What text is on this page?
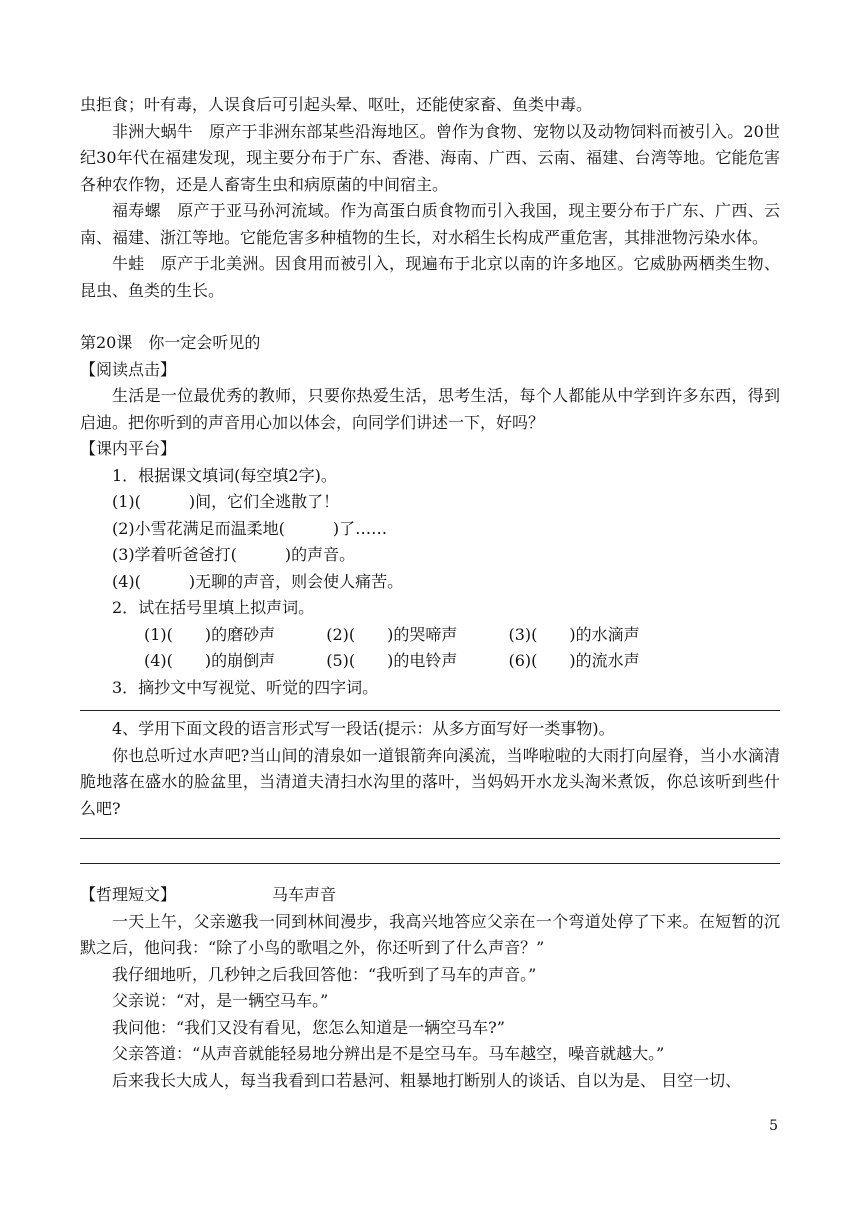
虫拒食；叶有毒，人误食后可引起头晕、呕吐，还能使家畜、鱼类中毒。

非洲大蜗牛　原产于非洲东部某些沿海地区。曾作为食物、宠物以及动物饲料而被引入。20世纪30年代在福建发现，现主要分布于广东、香港、海南、广西、云南、福建、台湾等地。它能危害各种农作物，还是人畜寄生虫和病原菌的中间宿主。

福寿螺　原产于亚马孙河流域。作为高蛋白质食物而引入我国，现主要分布于广东、广西、云南、福建、浙江等地。它能危害多种植物的生长，对水稻生长构成严重危害，其排泄物污染水体。

牛蛙　原产于北美洲。因食用而被引入，现遍布于北京以南的许多地区。它威胁两栖类生物、昆虫、鱼类的生长。

第20课　你一定会听见的

【阅读点击】

生活是一位最优秀的教师，只要你热爱生活，思考生活，每个人都能从中学到许多东西，得到启迪。把你听到的声音用心加以体会，向同学们讲述一下，好吗？

【课内平台】

1．根据课文填词(每空填2字)。

(1)(　　　)间，它们全逃散了！

(2)小雪花满足而温柔地(　　　)了……

(3)学着听爸爸打(　　　)的声音。

(4)(　　　)无聊的声音，则会使人痛苦。

2．试在括号里填上拟声词。

(1)(　　)的磨砂声	(2)(　　)的哭啼声	(3)(　　)的水滴声

(4)(　　)的崩倒声	(5)(　　)的电铃声	(6)(　　)的流水声

3．摘抄文中写视觉、听觉的四字词。

4、学用下面文段的语言形式写一段话(提示：从多方面写好一类事物)。

你也总听过水声吧?当山间的清泉如一道银箭奔向溪流，当哗啦啦的大雨打向屋脊，当小水滴清脆地落在盛水的脸盆里，当清道夫清扫水沟里的落叶，当妈妈开水龙头淘米煮饭，你总该听到些什么吧?

【哲理短文】	马车声音

一天上午，父亲邀我一同到林间漫步，我高兴地答应父亲在一个弯道处停了下来。在短暂的沉默之后，他问我：“除了小鸟的歌唱之外，你还听到了什么声音？”

我仔细地听，几秒钟之后我回答他：“我听到了马车的声音。”

父亲说：“对，是一辆空马车。”

我问他：“我们又没有看见，您怎么知道是一辆空马车?”

父亲答道：“从声音就能轻易地分辨出是不是空马车。马车越空，噪音就越大。”

后来我长大成人，每当我看到口若悬河、粗暴地打断别人的谈话、自以为是、 目空一切、

5
